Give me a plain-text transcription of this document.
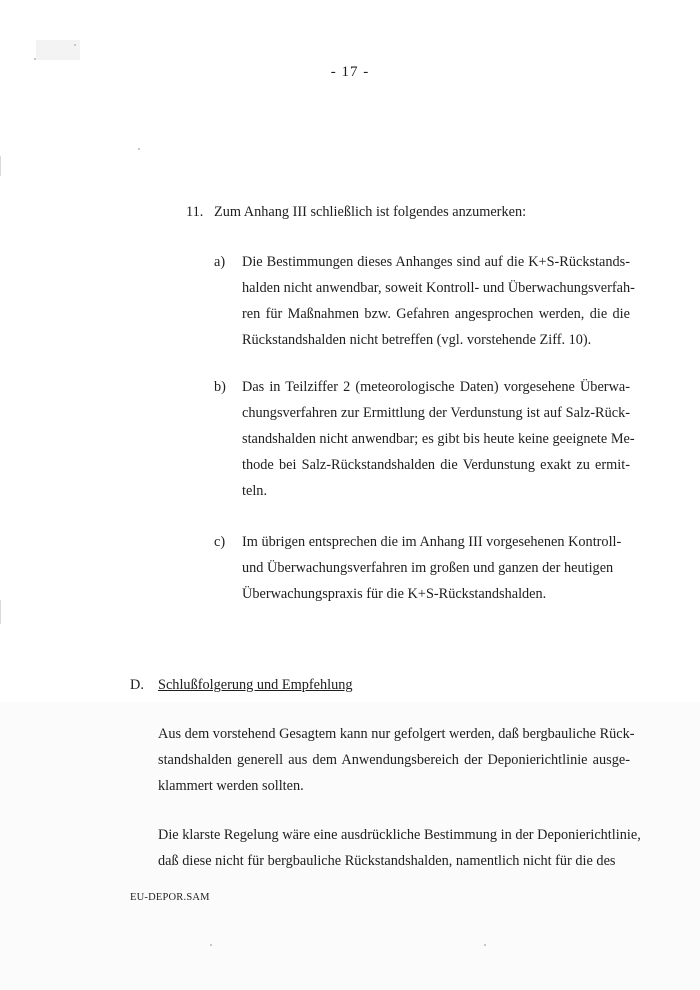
- 17 -
11. Zum Anhang III schließlich ist folgendes anzumerken:
a) Die Bestimmungen dieses Anhanges sind auf die K+S-Rückstands-
halden nicht anwendbar, soweit Kontroll- und Überwachungsverfah-
ren für Maßnahmen bzw. Gefahren angesprochen werden, die die
Rückstandshalden nicht betreffen (vgl. vorstehende Ziff. 10).
b) Das in Teilziffer 2 (meteorologische Daten) vorgesehene Überwa-
chungsverfahren zur Ermittlung der Verdunstung ist auf Salz-Rück-
standshalden nicht anwendbar; es gibt bis heute keine geeignete Me-
thode bei Salz-Rückstandshalden die Verdunstung exakt zu ermit-
teln.
c) Im übrigen entsprechen die im Anhang III vorgesehenen Kontroll-
und Überwachungsverfahren im großen und ganzen der heutigen
Überwachungspraxis für die K+S-Rückstandshalden.
D. Schlußfolgerung und Empfehlung
Aus dem vorstehend Gesagtem kann nur gefolgert werden, daß bergbauliche Rück-
standshalden generell aus dem Anwendungsbereich der Deponierichtlinie ausge-
klammert werden sollten.
Die klarste Regelung wäre eine ausdrückliche Bestimmung in der Deponierichtlinie,
daß diese nicht für bergbauliche Rückstandshalden, namentlich nicht für die des
EU-DEPOR.SAM
